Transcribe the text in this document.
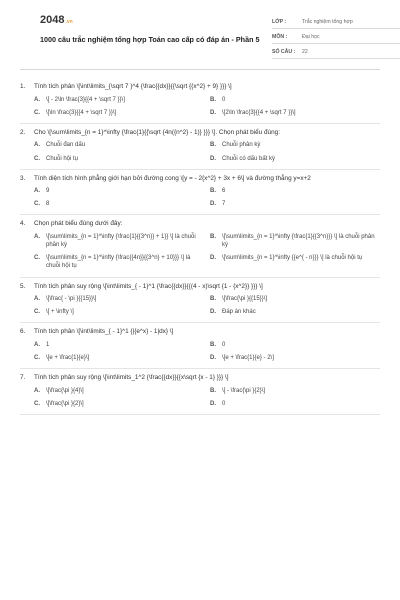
2048.vn
1000 câu trắc nghiệm tổng hợp Toán cao cấp có đáp án - Phần 5
LỚP :	Trắc nghiệm tổng hợp
MÔN :	Đại học
SỐ CÂU :	22
1.	Tính tích phân \[\int\limits_{\sqrt 7 }^4 {\frac{{dx}}{{\sqrt {{x^2} + 9} }}} \]
A.	\[ - 2\ln \frac{3}{{4 + \sqrt 7 }}\]	B.	0
C.	\[\ln \frac{3}{{4 + \sqrt 7 }}\]	D.	\[2\ln \frac{3}{{4 + \sqrt 7 }}\]
2.	Cho \[\sum\limits_{n = 1}^\infty {\frac{1}{{\sqrt {4n({n^2} - 1)} }}} \]. Chọn phát biểu đúng:
A.	Chuỗi đan dấu	B.	Chuỗi phân kỳ
C.	Chuỗi hội tụ	D.	Chuỗi có dấu bất kỳ
3.	Tính diện tích hình phẳng giới hạn bởi đường cong \[y = - 2{x^2} + 3x + 6\] và đường thẳng y=x+2
A.	9	B.	6
C.	8	D.	7
4.	Chọn phát biểu đúng dưới đây:
A.	\[\sum\limits_{n = 1}^\infty {\frac{1}{{3^n}} + 1}} \] là chuỗi phân kỳ
B.	\[\sum\limits_{n = 1}^\infty {\frac{1}{{3^n}}} \] là chuỗi phân kỳ
C.	\[\sum\limits_{n = 1}^\infty {\frac{{4n}}{{3^n} + 10}}} \] là chuỗi hội tụ
D.	\[\sum\limits_{n = 1}^\infty {{e^{ - n}}} \] là chuỗi hội tụ
5.	Tính tích phân suy rộng \[\int\limits_{ - 1}^1 {\frac{{dx}}{{(4 - x)\sqrt {1 - {x^2}} }}} \]
A.	\[\frac{ - \pi }{{15}}\]	B.	\[\frac{\pi }{{15}}\]
C.	\[ + \infty \]	D.	Đáp án khác
6.	Tính tích phân \[\int\limits_{ - 1}^1 {|{e^x} - 1|dx} \]
A.	1	B.	0
C.	\[e + \frac{1}{e}\]	D.	\[e + \frac{1}{e} - 2\]
7.	Tính tích phân suy rộng \[\int\limits_1^2 {\frac{{dx}}{{x\sqrt {x - 1} }}} \]
A.	\[\frac{\pi }{4}\]	B.	\[ - \frac{\pi }{2}\]
C.	\[\frac{\pi }{2}\]	D.	0
